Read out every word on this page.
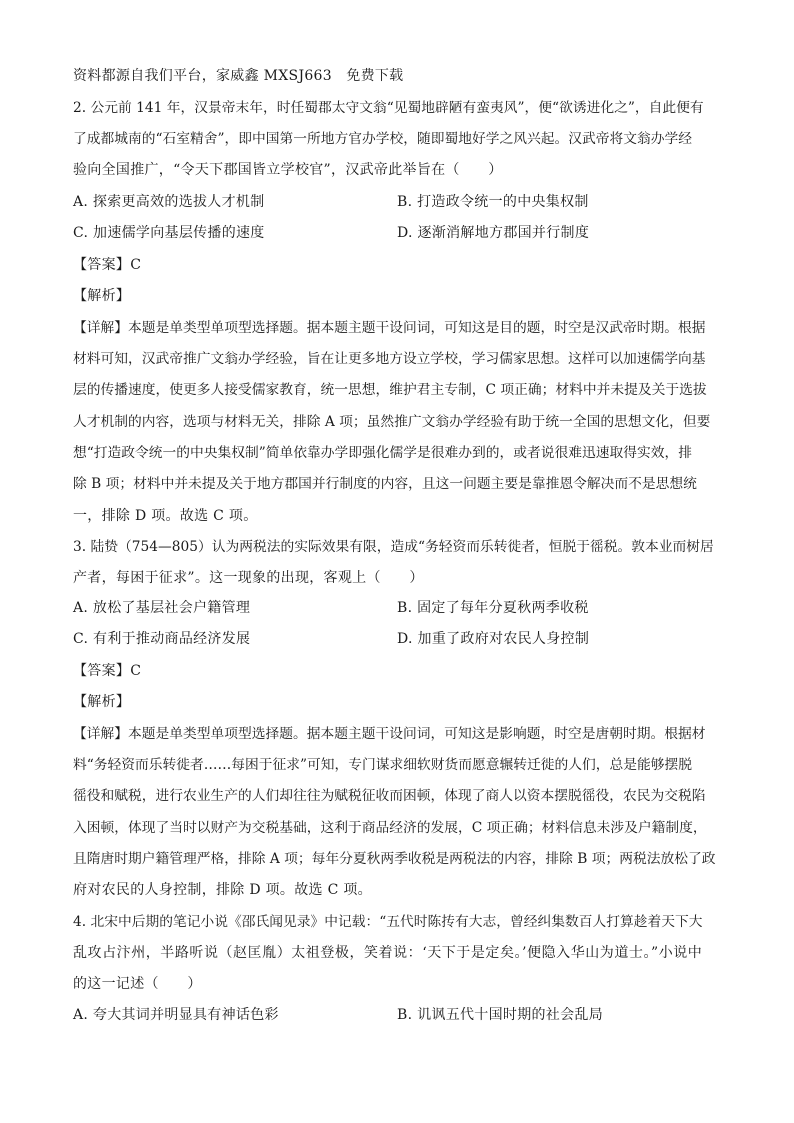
资料都源自我们平台，家威鑫 MXSJ663　免费下载
2. 公元前 141 年，汉景帝末年，时任蜀郡太守文翁“见蜀地辟陋有蛮夷风”，便“欲诱进化之”，自此便有
了成都城南的“石室精舍”，即中国第一所地方官办学校，随即蜀地好学之风兴起。汉武帝将文翁办学经
验向全国推广，“令天下郡国皆立学校官”，汉武帝此举旨在（　　）
A. 探索更高效的选拔人才机制	B. 打造政令统一的中央集权制
C. 加速儒学向基层传播的速度	D. 逐渐消解地方郡国并行制度
【答案】C
【解析】
【详解】本题是单类型单项型选择题。据本题主题干设问词，可知这是目的题，时空是汉武帝时期。根据
材料可知，汉武帝推广文翁办学经验，旨在让更多地方设立学校，学习儒家思想。这样可以加速儒学向基
层的传播速度，使更多人接受儒家教育，统一思想，维护君主专制，C 项正确；材料中并未提及关于选拔
人才机制的内容，选项与材料无关，排除 A 项；虽然推广文翁办学经验有助于统一全国的思想文化，但要
想“打造政令统一的中央集权制”简单依靠办学即强化儒学是很难办到的，或者说很难迅速取得实效，排
除 B 项；材料中并未提及关于地方郡国并行制度的内容，且这一问题主要是靠推恩令解决而不是思想统
一，排除 D 项。故选 C 项。
3. 陆贽（754—805）认为两税法的实际效果有限，造成“务轻资而乐转徙者，恒脱于徭税。敦本业而树居
产者，每困于征求”。这一现象的出现，客观上（　　）
A. 放松了基层社会户籍管理	B. 固定了每年分夏秋两季收税
C. 有利于推动商品经济发展	D. 加重了政府对农民人身控制
【答案】C
【解析】
【详解】本题是单类型单项型选择题。据本题主题干设问词，可知这是影响题，时空是唐朝时期。根据材
料“务轻资而乐转徙者……每困于征求”可知，专门谋求细软财货而愿意辗转迁徙的人们，总是能够摆脱
徭役和赋税，进行农业生产的人们却往往为赋税征收而困顿，体现了商人以资本摆脱徭役，农民为交税陷
入困顿，体现了当时以财产为交税基础，这利于商品经济的发展，C 项正确；材料信息未涉及户籍制度，
且隋唐时期户籍管理严格，排除 A 项；每年分夏秋两季收税是两税法的内容，排除 B 项；两税法放松了政
府对农民的人身控制，排除 D 项。故选 C 项。
4. 北宋中后期的笔记小说《邵氏闻见录》中记载：“五代时陈抟有大志，曾经纠集数百人打算趁着天下大
乱攻占汴州，半路听说（赵匡胤）太祖登极，笑着说：‘天下于是定矣。’便隐入华山为道士。”小说中
的这一记述（　　）
A. 夸大其词并明显具有神话色彩	B. 讥讽五代十国时期的社会乱局
